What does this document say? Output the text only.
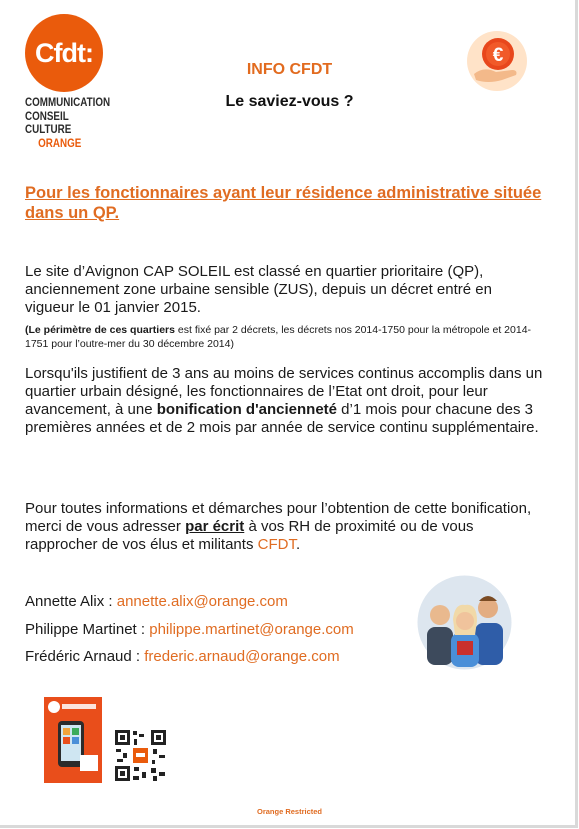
Cfdt:
COMMUNICATION
CONSEIL CULTURE
ORANGE
INFO CFDT
Le saviez-vous ?
€
Pour les fonctionnaires ayant leur résidence administrative située dans un QP.
Le site d’Avignon CAP SOLEIL est classé en quartier prioritaire (QP), anciennement zone urbaine sensible (ZUS), depuis un décret entré en vigueur le 01 janvier 2015.
(Le périmètre de ces quartiers est fixé par 2 décrets, les décrets nos 2014-1750 pour la métropole et 2014-1751 pour l’outre-mer du 30 décembre 2014)
Lorsqu'ils justifient de 3 ans au moins de services continus accomplis dans un quartier urbain désigné, les fonctionnaires de l’Etat ont droit, pour leur avancement, à une bonification d'ancienneté d’1 mois pour chacune des 3 premières années et de 2 mois par année de service continu supplémentaire.
Pour toutes informations et démarches pour l’obtention de cette bonification, merci de vous adresser par écrit à vos RH de proximité ou de vous rapprocher de vos élus et militants CFDT.
Annette Alix : annette.alix@orange.com
Philippe Martinet : philippe.martinet@orange.com
Frédéric Arnaud : frederic.arnaud@orange.com
Orange Restricted
